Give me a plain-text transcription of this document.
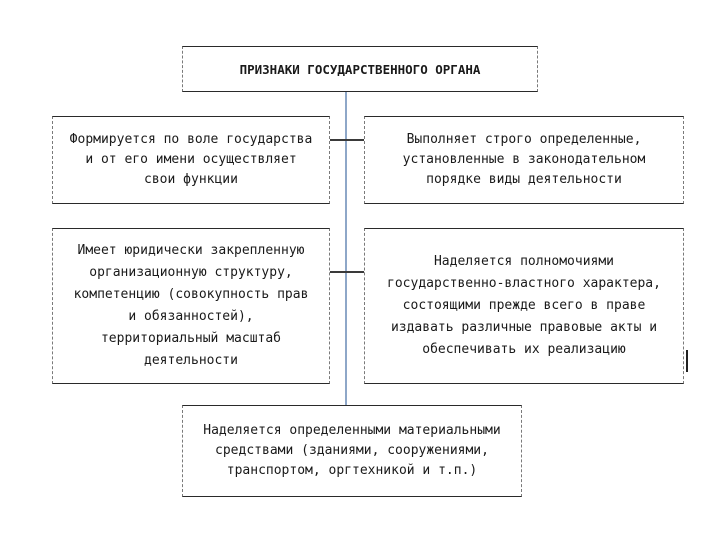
ПРИЗНАКИ ГОСУДАРСТВЕННОГО ОРГАНА
Формируется по воле государства
и от его имени осуществляет
свои функции
Выполняет строго определенные,
установленные в законодательном
порядке виды деятельности
Имеет юридически закрепленную
организационную структуру,
компетенцию (совокупность прав
и обязанностей),
территориальный масштаб
деятельности
Наделяется полномочиями
государственно-властного характера,
состоящими прежде всего в праве
издавать различные правовые акты и
обеспечивать их реализацию
Наделяется определенными материальными
средствами (зданиями, сооружениями,
транспортом, оргтехникой и т.п.)
